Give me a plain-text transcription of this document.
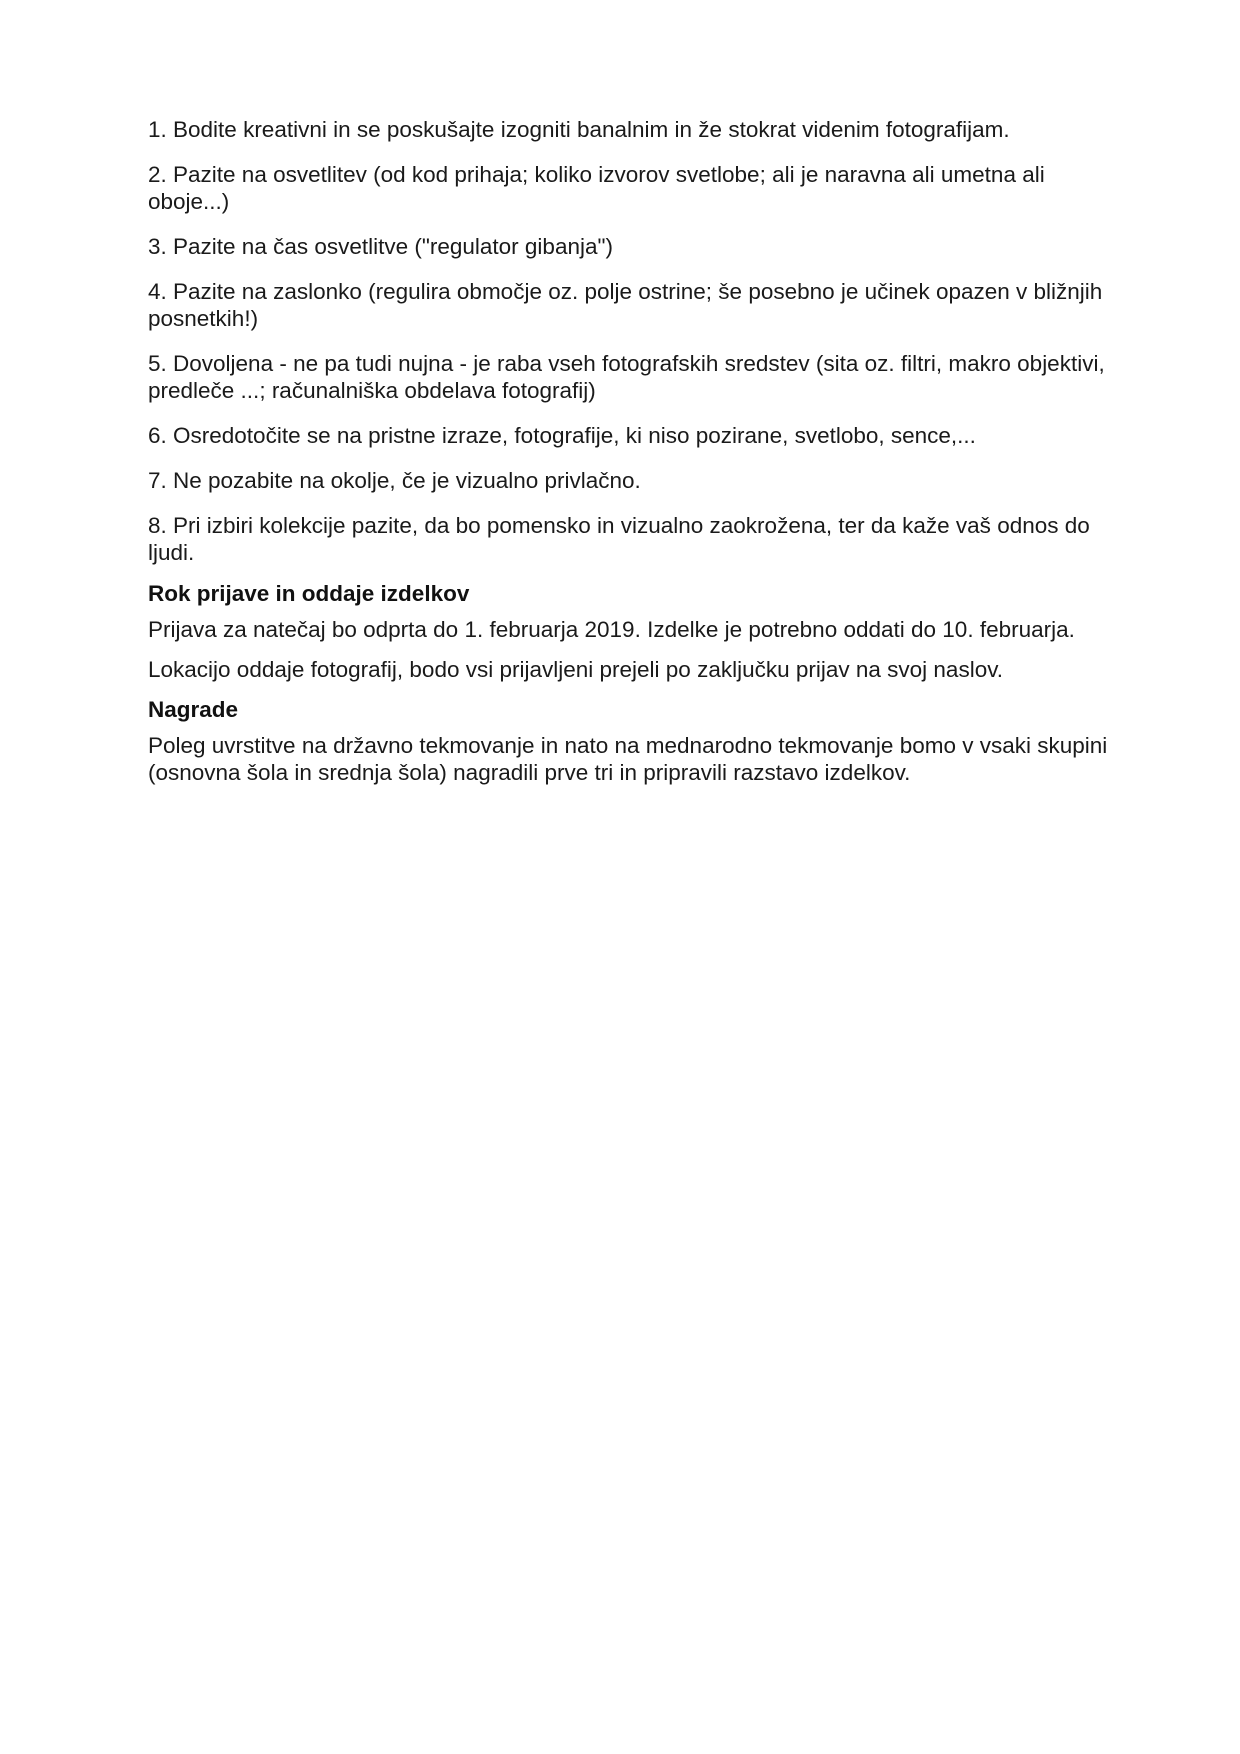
1. Bodite kreativni in se poskušajte izogniti banalnim in že stokrat videnim fotografijam.

2. Pazite na osvetlitev (od kod prihaja; koliko izvorov svetlobe; ali je naravna ali umetna ali oboje...)

3. Pazite na čas osvetlitve ("regulator gibanja")

4. Pazite na zaslonko (regulira območje oz. polje ostrine; še posebno je učinek opazen v bližnjih posnetkih!)

5. Dovoljena - ne pa tudi nujna - je raba vseh fotografskih sredstev (sita oz. filtri, makro objektivi, predleče ...; računalniška obdelava fotografij)

6. Osredotočite se na pristne izraze, fotografije, ki niso pozirane, svetlobo, sence,...

7. Ne pozabite na okolje, če je vizualno privlačno.

8. Pri izbiri kolekcije pazite, da bo pomensko in vizualno zaokrožena, ter da kaže vaš odnos do ljudi.

Rok prijave in oddaje izdelkov

Prijava za natečaj bo odprta do 1. februarja 2019. Izdelke je potrebno oddati do 10. februarja.

Lokacijo oddaje fotografij, bodo vsi prijavljeni prejeli po zaključku prijav na svoj naslov.

Nagrade

Poleg uvrstitve na državno tekmovanje in nato na mednarodno tekmovanje bomo v vsaki skupini (osnovna šola in srednja šola) nagradili prve tri in pripravili razstavo izdelkov.
